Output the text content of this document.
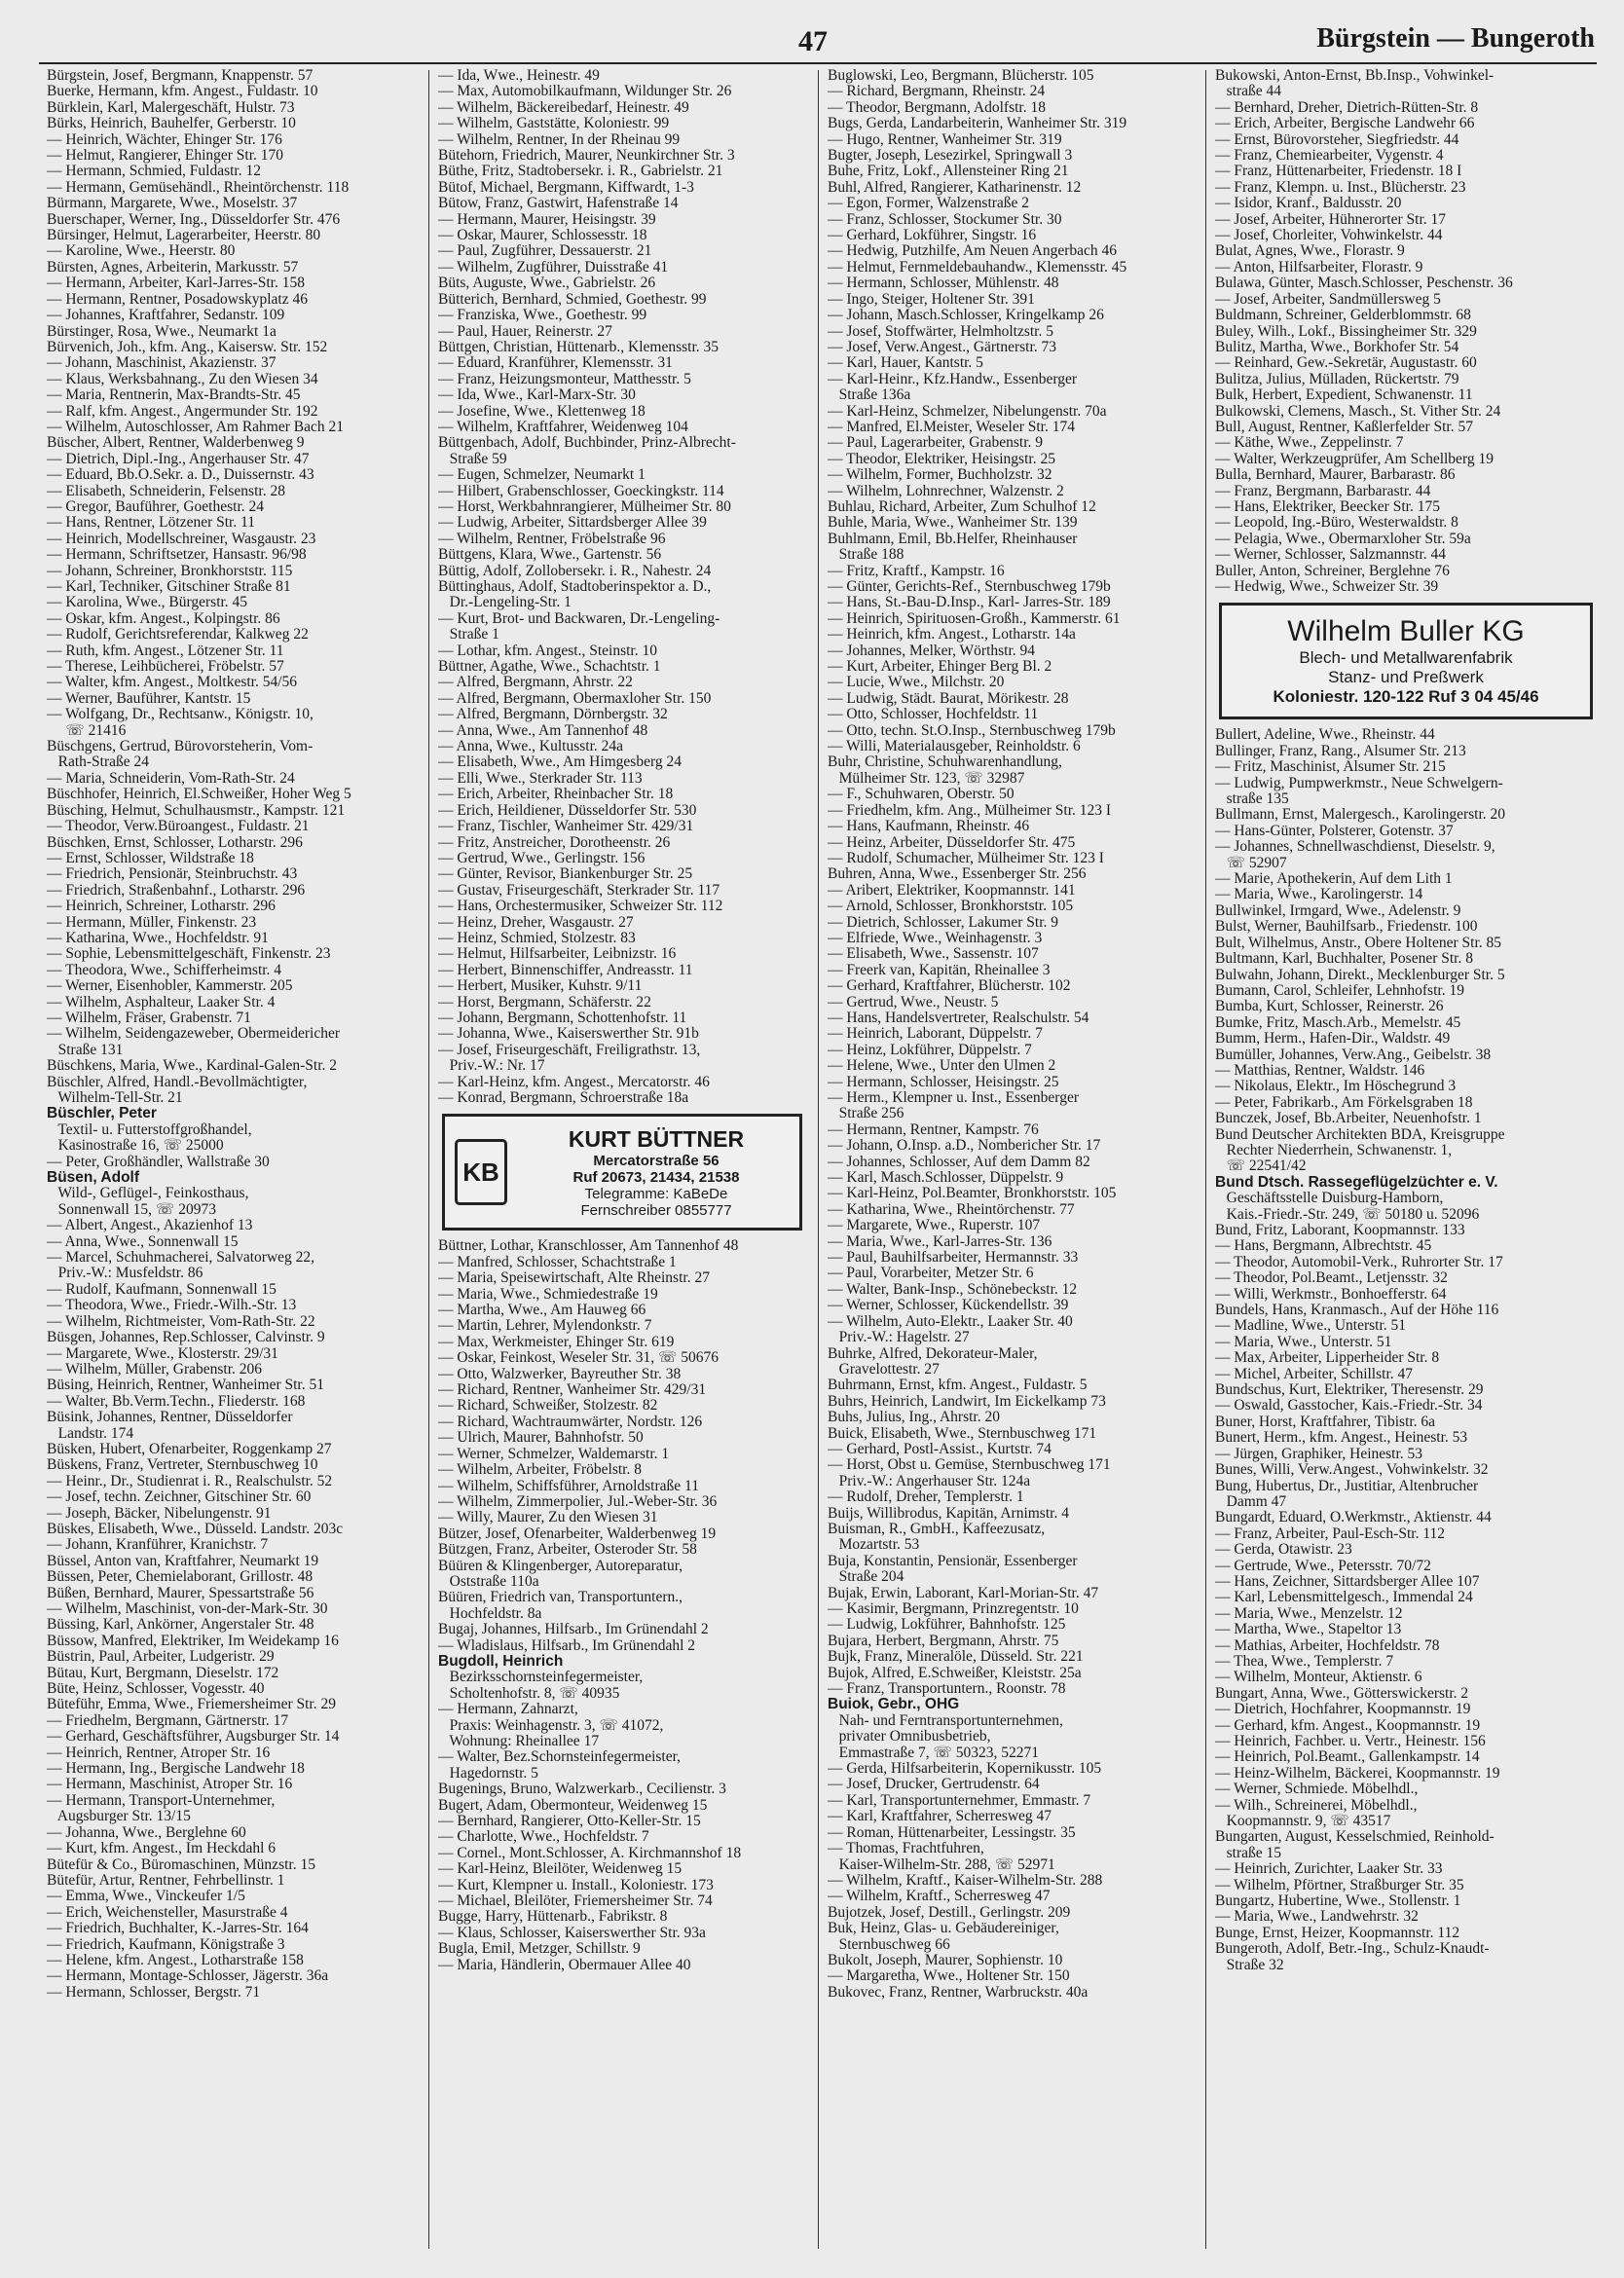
47	Bürgstein — Bungeroth
Bürgstein, Josef, Bergmann, Knappenstr. 57
Buerke, Hermann, kfm. Angest., Fuldastr. 10
Bürklein, Karl, Malergeschäft, Hulstr. 73
Bürks, Heinrich, Bauhelfer, Gerberstr. 10
— Heinrich, Wächter, Ehinger Str. 176
— Helmut, Rangierer, Ehinger Str. 170
— Hermann, Schmied, Fuldastr. 12
— Hermann, Gemüsehändl., Rheintörchenstr. 118
Bürmann, Margarete, Wwe., Moselstr. 37
Buerschaper, Werner, Ing., Düsseldorfer Str. 476
Bürsinger, Helmut, Lagerarbeiter, Heerstr. 80
— Karoline, Wwe., Heerstr. 80
Bürsten, Agnes, Arbeiterin, Markusstr. 57
— Hermann, Arbeiter, Karl-Jarres-Str. 158
— Hermann, Rentner, Posadowskyplatz 46
— Johannes, Kraftfahrer, Sedanstr. 109
Bürstinger, Rosa, Wwe., Neumarkt 1a
Bürvenich, Joh., kfm. Ang., Kaisersw. Str. 152
— Johann, Maschinist, Akazienstr. 37
— Klaus, Werksbahnang., Zu den Wiesen 34
— Maria, Rentnerin, Max-Brandts-Str. 45
— Ralf, kfm. Angest., Angermunder Str. 192
— Wilhelm, Autoschlosser, Am Rahmer Bach 21
Büscher, Albert, Rentner, Walderbenweg 9
— Dietrich, Dipl.-Ing., Angerhauser Str. 47
— Eduard, Bb.O.Sekr. a. D., Duissernstr. 43
— Elisabeth, Schneiderin, Felsenstr. 28
— Gregor, Bauführer, Goethestr. 24
— Hans, Rentner, Lötzener Str. 11
— Heinrich, Modellschreiner, Wasgaustr. 23
— Hermann, Schriftsetzer, Hansastr. 96/98
— Johann, Schreiner, Bronkhorststr. 115
— Karl, Techniker, Gitschiner Straße 81
— Karolina, Wwe., Bürgerstr. 45
— Oskar, kfm. Angest., Kolpingstr. 86
— Rudolf, Gerichtsreferendar, Kalkweg 22
— Ruth, kfm. Angest., Lötzener Str. 11
— Therese, Leihbücherei, Fröbelstr. 57
— Walter, kfm. Angest., Moltkestr. 54/56
— Werner, Bauführer, Kantstr. 15
— Wolfgang, Dr., Rechtsanw., Königstr. 10,
☏ 21416
Büschgens, Gertrud, Bürovorsteherin, Vom-
Rath-Straße 24
— Maria, Schneiderin, Vom-Rath-Str. 24
Büschhofer, Heinrich, El.Schweißer, Hoher Weg 5
Büsching, Helmut, Schulhausmstr., Kampstr. 121
— Theodor, Verw.Büroangest., Fuldastr. 21
Büschken, Ernst, Schlosser, Lotharstr. 296
— Ernst, Schlosser, Wildstraße 18
— Friedrich, Pensionär, Steinbruchstr. 43
— Friedrich, Straßenbahnf., Lotharstr. 296
— Heinrich, Schreiner, Lotharstr. 296
— Hermann, Müller, Finkenstr. 23
— Katharina, Wwe., Hochfeldstr. 91
— Sophie, Lebensmittelgeschäft, Finkenstr. 23
— Theodora, Wwe., Schifferheimstr. 4
— Werner, Eisenhobler, Kammerstr. 205
— Wilhelm, Asphalteur, Laaker Str. 4
— Wilhelm, Fräser, Grabenstr. 71
— Wilhelm, Seidengazeweber, Obermeidericher
Straße 131
Büschkens, Maria, Wwe., Kardinal-Galen-Str. 2
Büschler, Alfred, Handl.-Bevollmächtigter,
Wilhelm-Tell-Str. 21
Büschler, Peter
Textil- u. Futterstoffgroßhandel,
Kasinostraße 16, ☏ 25000
— Peter, Großhändler, Wallstraße 30
Büsen, Adolf
Wild-, Geflügel-, Feinkosthaus,
Sonnenwall 15, ☏ 20973
— Albert, Angest., Akazienhof 13
— Anna, Wwe., Sonnenwall 15
— Marcel, Schuhmacherei, Salvatorweg 22,
Priv.-W.: Musfeldstr. 86
— Rudolf, Kaufmann, Sonnenwall 15
— Theodora, Wwe., Friedr.-Wilh.-Str. 13
— Wilhelm, Richtmeister, Vom-Rath-Str. 22
Büsgen, Johannes, Rep.Schlosser, Calvinstr. 9
— Margarete, Wwe., Klosterstr. 29/31
— Wilhelm, Müller, Grabenstr. 206
Büsing, Heinrich, Rentner, Wanheimer Str. 51
— Walter, Bb.Verm.Techn., Fliederstr. 168
Büsink, Johannes, Rentner, Düsseldorfer
Landstr. 174
Büsken, Hubert, Ofenarbeiter, Roggenkamp 27
Büskens, Franz, Vertreter, Sternbuschweg 10
— Heinr., Dr., Studienrat i. R., Realschulstr. 52
— Josef, techn. Zeichner, Gitschiner Str. 60
— Joseph, Bäcker, Nibelungenstr. 91
Büskes, Elisabeth, Wwe., Düsseld. Landstr. 203c
— Johann, Kranführer, Kranichstr. 7
Büssel, Anton van, Kraftfahrer, Neumarkt 19
Büssen, Peter, Chemielaborant, Grillostr. 48
Büßen, Bernhard, Maurer, Spessartstraße 56
— Wilhelm, Maschinist, von-der-Mark-Str. 30
Büssing, Karl, Ankörner, Angerstaler Str. 48
Büssow, Manfred, Elektriker, Im Weidekamp 16
Büstrin, Paul, Arbeiter, Ludgeristr. 29
Bütau, Kurt, Bergmann, Dieselstr. 172
Büte, Heinz, Schlosser, Vogesstr. 40
Büteführ, Emma, Wwe., Friemersheimer Str. 29
— Friedhelm, Bergmann, Gärtnerstr. 17
— Gerhard, Geschäftsführer, Augsburger Str. 14
— Heinrich, Rentner, Atroper Str. 16
— Hermann, Ing., Bergische Landwehr 18
— Hermann, Maschinist, Atroper Str. 16
— Hermann, Transport-Unternehmer,
Augsburger Str. 13/15
— Johanna, Wwe., Berglehne 60
— Kurt, kfm. Angest., Im Heckdahl 6
Bütefür & Co., Büromaschinen, Münzstr. 15
Bütefür, Artur, Rentner, Fehrbellinstr. 1
— Emma, Wwe., Vinckeufer 1/5
— Erich, Weichensteller, Masurstraße 4
— Friedrich, Buchhalter, K.-Jarres-Str. 164
— Friedrich, Kaufmann, Königstraße 3
— Helene, kfm. Angest., Lotharstraße 158
— Hermann, Montage-Schlosser, Jägerstr. 36a
— Hermann, Schlosser, Bergstr. 71
— Ida, Wwe., Heinestr. 49
— Max, Automobilkaufmann, Wildunger Str. 26
— Wilhelm, Bäckereibedarf, Heinestr. 49
— Wilhelm, Gaststätte, Koloniestr. 99
— Wilhelm, Rentner, In der Rheinau 99
Bütehorn, Friedrich, Maurer, Neunkirchner Str. 3
Büthe, Fritz, Stadtobersekr. i. R., Gabrielstr. 21
Bütof, Michael, Bergmann, Kiffwardt, 1-3
Bütow, Franz, Gastwirt, Hafenstraße 14
— Hermann, Maurer, Heisingstr. 39
— Oskar, Maurer, Schlossesstr. 18
— Paul, Zugführer, Dessauerstr. 21
— Wilhelm, Zugführer, Duisstraße 41
Büts, Auguste, Wwe., Gabrielstr. 26
Bütterich, Bernhard, Schmied, Goethestr. 99
— Franziska, Wwe., Goethestr. 99
— Paul, Hauer, Reinerstr. 27
Büttgen, Christian, Hüttenarb., Klemensstr. 35
— Eduard, Kranführer, Klemensstr. 31
— Franz, Heizungsmonteur, Matthesstr. 5
— Ida, Wwe., Karl-Marx-Str. 30
— Josefine, Wwe., Klettenweg 18
— Wilhelm, Kraftfahrer, Weidenweg 104
Büttgenbach, Adolf, Buchbinder, Prinz-Albrecht-
Straße 59
— Eugen, Schmelzer, Neumarkt 1
— Hilbert, Grabenschlosser, Goeckingkstr. 114
— Horst, Werkbahnrangierer, Mülheimer Str. 80
— Ludwig, Arbeiter, Sittardsberger Allee 39
— Wilhelm, Rentner, Fröbelstraße 96
Büttgens, Klara, Wwe., Gartenstr. 56
Büttig, Adolf, Zollobersekr. i. R., Nahestr. 24
Büttinghaus, Adolf, Stadtoberinspektor a. D.,
Dr.-Lengeling-Str. 1
— Kurt, Brot- und Backwaren, Dr.-Lengeling-
Straße 1
— Lothar, kfm. Angest., Steinstr. 10
Büttner, Agathe, Wwe., Schachtstr. 1
— Alfred, Bergmann, Ahrstr. 22
— Alfred, Bergmann, Obermaxloher Str. 150
— Alfred, Bergmann, Dörnbergstr. 32
— Anna, Wwe., Am Tannenhof 48
— Anna, Wwe., Kultusstr. 24a
— Elisabeth, Wwe., Am Himgesberg 24
— Elli, Wwe., Sterkrader Str. 113
— Erich, Arbeiter, Rheinbacher Str. 18
— Erich, Heildiener, Düsseldorfer Str. 530
— Franz, Tischler, Wanheimer Str. 429/31
— Fritz, Anstreicher, Dorotheenstr. 26
— Gertrud, Wwe., Gerlingstr. 156
— Günter, Revisor, Biankenburger Str. 25
— Gustav, Friseurgeschäft, Sterkrader Str. 117
— Hans, Orchestermusiker, Schweizer Str. 112
— Heinz, Dreher, Wasgaustr. 27
— Heinz, Schmied, Stolzestr. 83
— Helmut, Hilfsarbeiter, Leibnizstr. 16
— Herbert, Binnenschiffer, Andreasstr. 11
— Herbert, Musiker, Kuhstr. 9/11
— Horst, Bergmann, Schäferstr. 22
— Johann, Bergmann, Schottenhofstr. 11
— Johanna, Wwe., Kaiserswerther Str. 91b
— Josef, Friseurgeschäft, Freiligrathstr. 13,
Priv.-W.: Nr. 17
— Karl-Heinz, kfm. Angest., Mercatorstr. 46
— Konrad, Bergmann, Schroerstraße 18a
KB
KURT BÜTTNER
Mercatorstraße 56
Ruf 20673, 21434, 21538
Telegramme: KaBeDe
Fernschreiber 0855777
Büttner, Lothar, Kranschlosser, Am Tannenhof 48
— Manfred, Schlosser, Schachtstraße 1
— Maria, Speisewirtschaft, Alte Rheinstr. 27
— Maria, Wwe., Schmiedestraße 19
— Martha, Wwe., Am Hauweg 66
— Martin, Lehrer, Mylendonkstr. 7
— Max, Werkmeister, Ehinger Str. 619
— Oskar, Feinkost, Weseler Str. 31, ☏ 50676
— Otto, Walzwerker, Bayreuther Str. 38
— Richard, Rentner, Wanheimer Str. 429/31
— Richard, Schweißer, Stolzestr. 82
— Richard, Wachtraumwärter, Nordstr. 126
— Ulrich, Maurer, Bahnhofstr. 50
— Werner, Schmelzer, Waldemarstr. 1
— Wilhelm, Arbeiter, Fröbelstr. 8
— Wilhelm, Schiffsführer, Arnoldstraße 11
— Wilhelm, Zimmerpolier, Jul.-Weber-Str. 36
— Willy, Maurer, Zu den Wiesen 31
Bützer, Josef, Ofenarbeiter, Walderbenweg 19
Bützgen, Franz, Arbeiter, Osteroder Str. 58
Büüren & Klingenberger, Autoreparatur,
Oststraße 110a
Büüren, Friedrich van, Transportuntern.,
Hochfeldstr. 8a
Bugaj, Johannes, Hilfsarb., Im Grünendahl 2
— Wladislaus, Hilfsarb., Im Grünendahl 2
Bugdoll, Heinrich
Bezirksschornsteinfegermeister,
Scholtenhofstr. 8, ☏ 40935
— Hermann, Zahnarzt,
Praxis: Weinhagenstr. 3, ☏ 41072,
Wohnung: Rheinallee 17
— Walter, Bez.Schornsteinfegermeister,
Hagedornstr. 5
Bugenings, Bruno, Walzwerkarb., Cecilienstr. 3
Bugert, Adam, Obermonteur, Weidenweg 15
— Bernhard, Rangierer, Otto-Keller-Str. 15
— Charlotte, Wwe., Hochfeldstr. 7
— Cornel., Mont.Schlosser, A. Kirchmannshof 18
— Karl-Heinz, Bleilöter, Weidenweg 15
— Kurt, Klempner u. Install., Koloniestr. 173
— Michael, Bleilöter, Friemersheimer Str. 74
Bugge, Harry, Hüttenarb., Fabrikstr. 8
— Klaus, Schlosser, Kaiserswerther Str. 93a
Bugla, Emil, Metzger, Schillstr. 9
— Maria, Händlerin, Obermauer Allee 40
Buglowski, Leo, Bergmann, Blücherstr. 105
— Richard, Bergmann, Rheinstr. 24
— Theodor, Bergmann, Adolfstr. 18
Bugs, Gerda, Landarbeiterin, Wanheimer Str. 319
— Hugo, Rentner, Wanheimer Str. 319
Bugter, Joseph, Lesezirkel, Springwall 3
Buhe, Fritz, Lokf., Allensteiner Ring 21
Buhl, Alfred, Rangierer, Katharinenstr. 12
— Egon, Former, Walzenstraße 2
— Franz, Schlosser, Stockumer Str. 30
— Gerhard, Lokführer, Singstr. 16
— Hedwig, Putzhilfe, Am Neuen Angerbach 46
— Helmut, Fernmeldebauhandw., Klemensstr. 45
— Hermann, Schlosser, Mühlenstr. 48
— Ingo, Steiger, Holtener Str. 391
— Johann, Masch.Schlosser, Kringelkamp 26
— Josef, Stoffwärter, Helmholtzstr. 5
— Josef, Verw.Angest., Gärtnerstr. 73
— Karl, Hauer, Kantstr. 5
— Karl-Heinr., Kfz.Handw., Essenberger
Straße 136a
— Karl-Heinz, Schmelzer, Nibelungenstr. 70a
— Manfred, El.Meister, Weseler Str. 174
— Paul, Lagerarbeiter, Grabenstr. 9
— Theodor, Elektriker, Heisingstr. 25
— Wilhelm, Former, Buchholzstr. 32
— Wilhelm, Lohnrechner, Walzenstr. 2
Buhlau, Richard, Arbeiter, Zum Schulhof 12
Buhle, Maria, Wwe., Wanheimer Str. 139
Buhlmann, Emil, Bb.Helfer, Rheinhauser
Straße 188
— Fritz, Kraftf., Kampstr. 16
— Günter, Gerichts-Ref., Sternbuschweg 179b
— Hans, St.-Bau-D.Insp., Karl- Jarres-Str. 189
— Heinrich, Spirituosen-Großh., Kammerstr. 61
— Heinrich, kfm. Angest., Lotharstr. 14a
— Johannes, Melker, Wörthstr. 94
— Kurt, Arbeiter, Ehinger Berg Bl. 2
— Lucie, Wwe., Milchstr. 20
— Ludwig, Städt. Baurat, Mörikestr. 28
— Otto, Schlosser, Hochfeldstr. 11
— Otto, techn. St.O.Insp., Sternbuschweg 179b
— Willi, Materialausgeber, Reinholdstr. 6
Buhr, Christine, Schuhwarenhandlung,
Mülheimer Str. 123, ☏ 32987
— F., Schuhwaren, Oberstr. 50
— Friedhelm, kfm. Ang., Mülheimer Str. 123 I
— Hans, Kaufmann, Rheinstr. 46
— Heinz, Arbeiter, Düsseldorfer Str. 475
— Rudolf, Schumacher, Mülheimer Str. 123 I
Buhren, Anna, Wwe., Essenberger Str. 256
— Aribert, Elektriker, Koopmannstr. 141
— Arnold, Schlosser, Bronkhorststr. 105
— Dietrich, Schlosser, Lakumer Str. 9
— Elfriede, Wwe., Weinhagenstr. 3
— Elisabeth, Wwe., Sassenstr. 107
— Freerk van, Kapitän, Rheinallee 3
— Gerhard, Kraftfahrer, Blücherstr. 102
— Gertrud, Wwe., Neustr. 5
— Hans, Handelsvertreter, Realschulstr. 54
— Heinrich, Laborant, Düppelstr. 7
— Heinz, Lokführer, Düppelstr. 7
— Helene, Wwe., Unter den Ulmen 2
— Hermann, Schlosser, Heisingstr. 25
— Herm., Klempner u. Inst., Essenberger
Straße 256
— Hermann, Rentner, Kampstr. 76
— Johann, O.Insp. a.D., Nombericher Str. 17
— Johannes, Schlosser, Auf dem Damm 82
— Karl, Masch.Schlosser, Düppelstr. 9
— Karl-Heinz, Pol.Beamter, Bronkhorststr. 105
— Katharina, Wwe., Rheintörchenstr. 77
— Margarete, Wwe., Ruperstr. 107
— Maria, Wwe., Karl-Jarres-Str. 136
— Paul, Bauhilfsarbeiter, Hermannstr. 33
— Paul, Vorarbeiter, Metzer Str. 6
— Walter, Bank-Insp., Schönebeckstr. 12
— Werner, Schlosser, Kückendellstr. 39
— Wilhelm, Auto-Elektr., Laaker Str. 40
Priv.-W.: Hagelstr. 27
Buhrke, Alfred, Dekorateur-Maler,
Gravelottestr. 27
Buhrmann, Ernst, kfm. Angest., Fuldastr. 5
Buhrs, Heinrich, Landwirt, Im Eickelkamp 73
Buhs, Julius, Ing., Ahrstr. 20
Buick, Elisabeth, Wwe., Sternbuschweg 171
— Gerhard, Postl-Assist., Kurtstr. 74
— Horst, Obst u. Gemüse, Sternbuschweg 171
Priv.-W.: Angerhauser Str. 124a
— Rudolf, Dreher, Templerstr. 1
Buijs, Willibrodus, Kapitän, Arnimstr. 4
Buisman, R., GmbH., Kaffeezusatz,
Mozartstr. 53
Buja, Konstantin, Pensionär, Essenberger
Straße 204
Bujak, Erwin, Laborant, Karl-Morian-Str. 47
— Kasimir, Bergmann, Prinzregentstr. 10
— Ludwig, Lokführer, Bahnhofstr. 125
Bujara, Herbert, Bergmann, Ahrstr. 75
Bujk, Franz, Mineralöle, Düsseld. Str. 221
Bujok, Alfred, E.Schweißer, Kleiststr. 25a
— Franz, Transportuntern., Roonstr. 78
Buiok, Gebr., OHG
Nah- und Ferntransportunternehmen,
privater Omnibusbetrieb,
Emmastraße 7, ☏ 50323, 52271
— Gerda, Hilfsarbeiterin, Kopernikusstr. 105
— Josef, Drucker, Gertrudenstr. 64
— Karl, Transportunternehmer, Emmastr. 7
— Karl, Kraftfahrer, Scherresweg 47
— Roman, Hüttenarbeiter, Lessingstr. 35
— Thomas, Frachtfuhren,
Kaiser-Wilhelm-Str. 288, ☏ 52971
— Wilhelm, Kraftf., Kaiser-Wilhelm-Str. 288
— Wilhelm, Kraftf., Scherresweg 47
Bujotzek, Josef, Destill., Gerlingstr. 209
Buk, Heinz, Glas- u. Gebäudereiniger,
Sternbuschweg 66
Bukolt, Joseph, Maurer, Sophienstr. 10
— Margaretha, Wwe., Holtener Str. 150
Bukovec, Franz, Rentner, Warbruckstr. 40a
Bukowski, Anton-Ernst, Bb.Insp., Vohwinkel-
straße 44
— Bernhard, Dreher, Dietrich-Rütten-Str. 8
— Erich, Arbeiter, Bergische Landwehr 66
— Ernst, Bürovorsteher, Siegfriedstr. 44
— Franz, Chemiearbeiter, Vygenstr. 4
— Franz, Hüttenarbeiter, Friedenstr. 18 I
— Franz, Klempn. u. Inst., Blücherstr. 23
— Isidor, Kranf., Baldusstr. 20
— Josef, Arbeiter, Hühnerorter Str. 17
— Josef, Chorleiter, Vohwinkelstr. 44
Bulat, Agnes, Wwe., Florastr. 9
— Anton, Hilfsarbeiter, Florastr. 9
Bulawa, Günter, Masch.Schlosser, Peschenstr. 36
— Josef, Arbeiter, Sandmüllersweg 5
Buldmann, Schreiner, Gelderblommstr. 68
Buley, Wilh., Lokf., Bissingheimer Str. 329
Bulitz, Martha, Wwe., Borkhofer Str. 54
— Reinhard, Gew.-Sekretär, Augustastr. 60
Bulitza, Julius, Mülladen, Rückertstr. 79
Bulk, Herbert, Expedient, Schwanenstr. 11
Bulkowski, Clemens, Masch., St. Vither Str. 24
Bull, August, Rentner, Kaßlerfelder Str. 57
— Käthe, Wwe., Zeppelinstr. 7
— Walter, Werkzeugprüfer, Am Schellberg 19
Bulla, Bernhard, Maurer, Barbarastr. 86
— Franz, Bergmann, Barbarastr. 44
— Hans, Elektriker, Beecker Str. 175
— Leopold, Ing.-Büro, Westerwaldstr. 8
— Pelagia, Wwe., Obermarxloher Str. 59a
— Werner, Schlosser, Salzmannstr. 44
Buller, Anton, Schreiner, Berglehne 76
— Hedwig, Wwe., Schweizer Str. 39
Wilhelm Buller KG
Blech- und Metallwarenfabrik
Stanz- und Preßwerk
Koloniestr. 120-122 Ruf 3 04 45/46
Bullert, Adeline, Wwe., Rheinstr. 44
Bullinger, Franz, Rang., Alsumer Str. 213
— Fritz, Maschinist, Alsumer Str. 215
— Ludwig, Pumpwerkmstr., Neue Schwelgern-
straße 135
Bullmann, Ernst, Malergesch., Karolingerstr. 20
— Hans-Günter, Polsterer, Gotenstr. 37
— Johannes, Schnellwaschdienst, Dieselstr. 9,
☏ 52907
— Marie, Apothekerin, Auf dem Lith 1
— Maria, Wwe., Karolingerstr. 14
Bullwinkel, Irmgard, Wwe., Adelenstr. 9
Bulst, Werner, Bauhilfsarb., Friedenstr. 100
Bult, Wilhelmus, Anstr., Obere Holtener Str. 85
Bultmann, Karl, Buchhalter, Posener Str. 8
Bulwahn, Johann, Direkt., Mecklenburger Str. 5
Bumann, Carol, Schleifer, Lehnhofstr. 19
Bumba, Kurt, Schlosser, Reinerstr. 26
Bumke, Fritz, Masch.Arb., Memelstr. 45
Bumm, Herm., Hafen-Dir., Waldstr. 49
Bumüller, Johannes, Verw.Ang., Geibelstr. 38
— Matthias, Rentner, Waldstr. 146
— Nikolaus, Elektr., Im Höschegrund 3
— Peter, Fabrikarb., Am Förkelsgraben 18
Bunczek, Josef, Bb.Arbeiter, Neuenhofstr. 1
Bund Deutscher Architekten BDA, Kreisgruppe
Rechter Niederrhein, Schwanenstr. 1,
☏ 22541/42
Bund Dtsch. Rassegeflügelzüchter e. V.
Geschäftsstelle Duisburg-Hamborn,
Kais.-Friedr.-Str. 249, ☏ 50180 u. 52096
Bund, Fritz, Laborant, Koopmannstr. 133
— Hans, Bergmann, Albrechtstr. 45
— Theodor, Automobil-Verk., Ruhrorter Str. 17
— Theodor, Pol.Beamt., Letjensstr. 32
— Willi, Werkmstr., Bonhoefferstr. 64
Bundels, Hans, Kranmasch., Auf der Höhe 116
— Madline, Wwe., Unterstr. 51
— Maria, Wwe., Unterstr. 51
— Max, Arbeiter, Lipperheider Str. 8
— Michel, Arbeiter, Schillstr. 47
Bundschus, Kurt, Elektriker, Theresenstr. 29
— Oswald, Gasstocher, Kais.-Friedr.-Str. 34
Buner, Horst, Kraftfahrer, Tibistr. 6a
Bunert, Herm., kfm. Angest., Heinestr. 53
— Jürgen, Graphiker, Heinestr. 53
Bunes, Willi, Verw.Angest., Vohwinkelstr. 32
Bung, Hubertus, Dr., Justitiar, Altenbrucher
Damm 47
Bungardt, Eduard, O.Werkmstr., Aktienstr. 44
— Franz, Arbeiter, Paul-Esch-Str. 112
— Gerda, Otawistr. 23
— Gertrude, Wwe., Petersstr. 70/72
— Hans, Zeichner, Sittardsberger Allee 107
— Karl, Lebensmittelgesch., Immendal 24
— Maria, Wwe., Menzelstr. 12
— Martha, Wwe., Stapeltor 13
— Mathias, Arbeiter, Hochfeldstr. 78
— Thea, Wwe., Templerstr. 7
— Wilhelm, Monteur, Aktienstr. 6
Bungart, Anna, Wwe., Götterswickerstr. 2
— Dietrich, Hochfahrer, Koopmannstr. 19
— Gerhard, kfm. Angest., Koopmannstr. 19
— Heinrich, Fachber. u. Vertr., Heinestr. 156
— Heinrich, Pol.Beamt., Gallenkampstr. 14
— Heinz-Wilhelm, Bäckerei, Koopmannstr. 19
— Werner, Schmiede. Möbelhdl.,
— Wilh., Schreinerei, Möbelhdl.,
Koopmannstr. 9, ☏ 43517
Bungarten, August, Kesselschmied, Reinhold-
straße 15
— Heinrich, Zurichter, Laaker Str. 33
— Wilhelm, Pförtner, Straßburger Str. 35
Bungartz, Hubertine, Wwe., Stollenstr. 1
— Maria, Wwe., Landwehrstr. 32
Bunge, Ernst, Heizer, Koopmannstr. 112
Bungeroth, Adolf, Betr.-Ing., Schulz-Knaudt-
Straße 32
